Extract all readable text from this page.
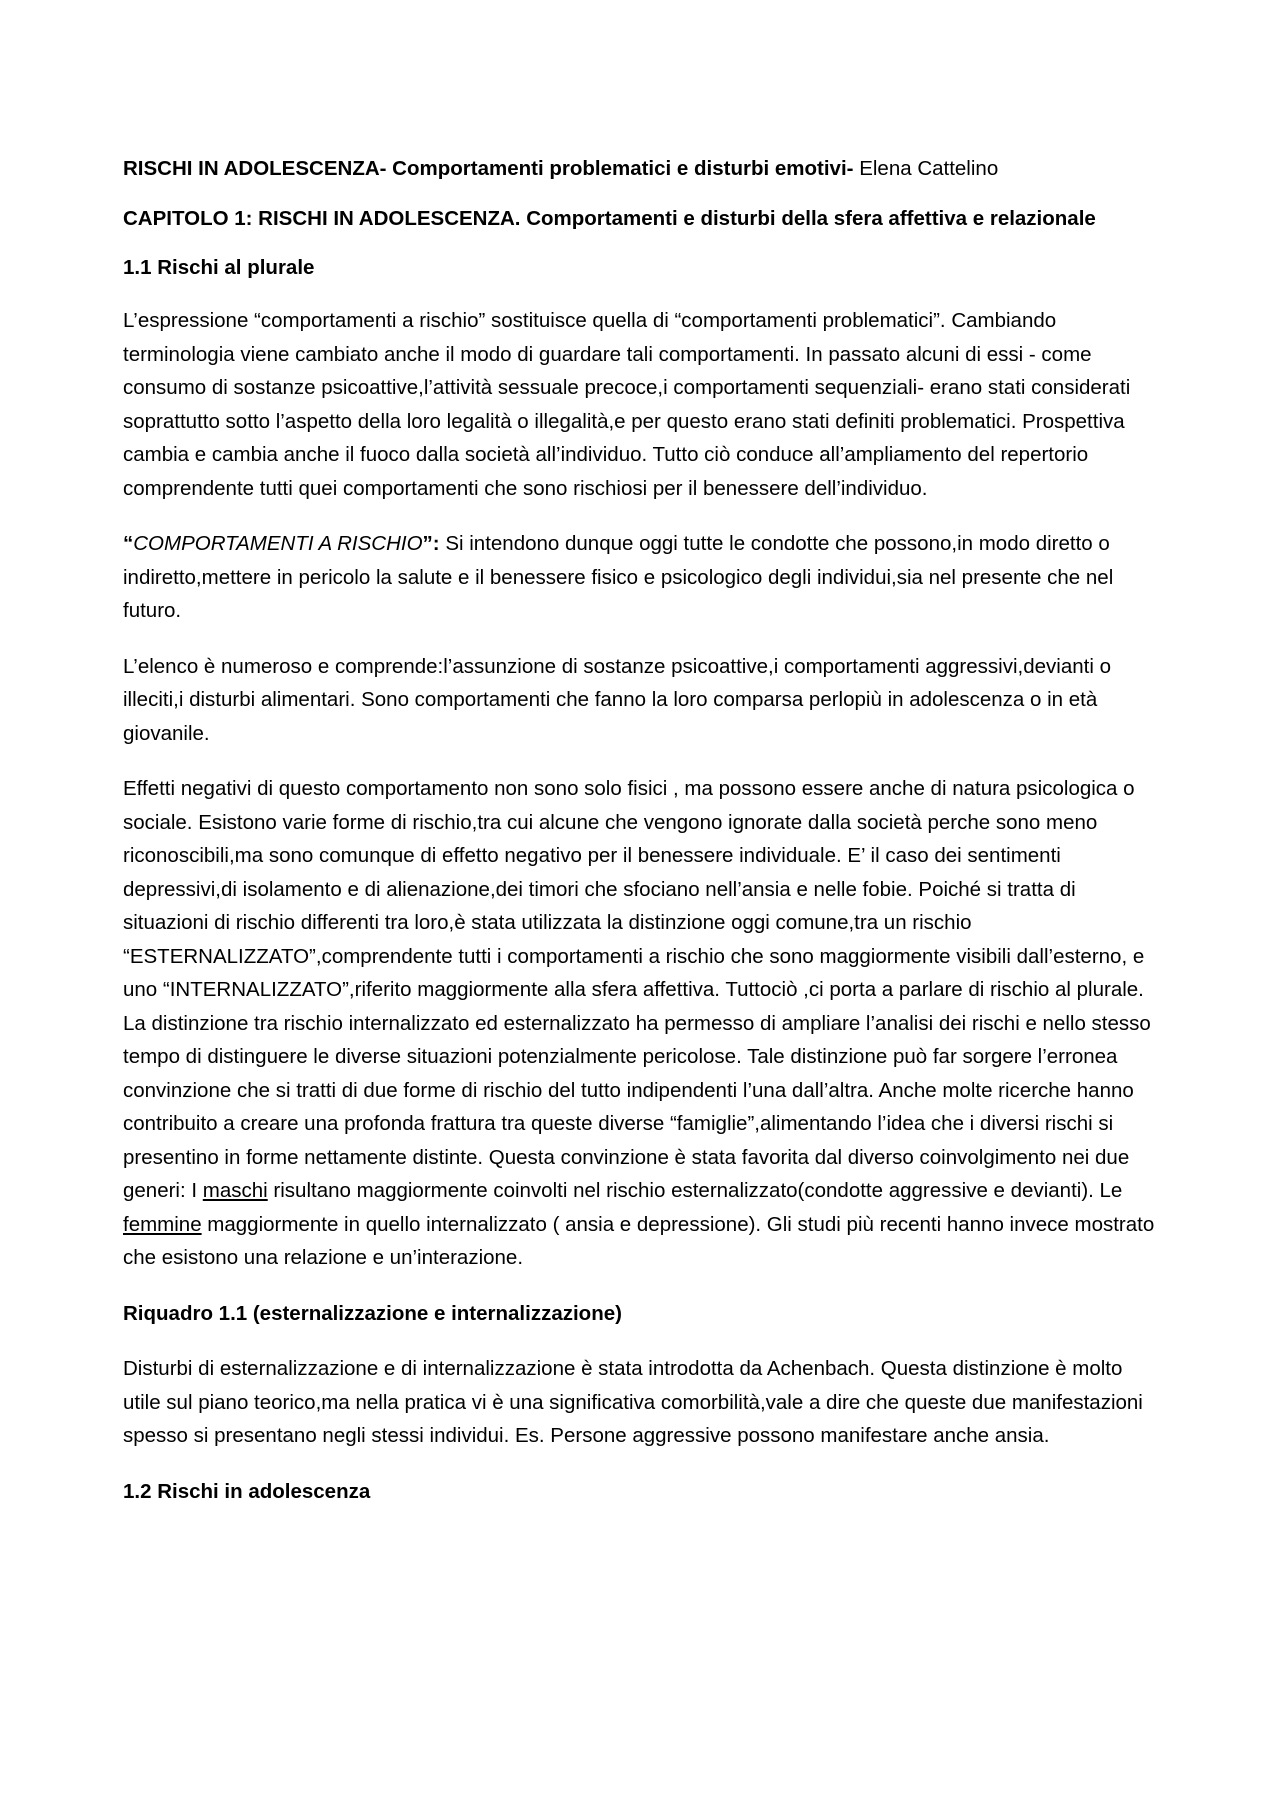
RISCHI IN ADOLESCENZA- Comportamenti problematici e disturbi emotivi- Elena Cattelino

CAPITOLO 1: RISCHI IN ADOLESCENZA. Comportamenti e disturbi della sfera affettiva e relazionale

1.1 Rischi al plurale

L’espressione “comportamenti a rischio” sostituisce quella di “comportamenti problematici”. Cambiando terminologia viene cambiato anche il modo di guardare tali comportamenti. In passato alcuni di essi - come consumo di sostanze psicoattive,l’attività sessuale precoce,i comportamenti sequenziali- erano stati considerati soprattutto sotto l’aspetto della loro legalità o illegalità,e per questo erano stati definiti problematici. Prospettiva cambia e cambia anche il fuoco dalla società all’individuo. Tutto ciò conduce all’ampliamento del repertorio comprendente tutti quei comportamenti che sono rischiosi per il benessere dell’individuo.

“COMPORTAMENTI A RISCHIO”: Si intendono dunque oggi tutte le condotte che possono,in modo diretto o indiretto,mettere in pericolo la salute e il benessere fisico e psicologico degli individui,sia nel presente che nel futuro.

L’elenco è numeroso e comprende:l’assunzione di sostanze psicoattive,i comportamenti aggressivi,devianti o illeciti,i disturbi alimentari. Sono comportamenti che fanno la loro comparsa perlopiù in adolescenza o in età giovanile.

Effetti negativi di questo comportamento non sono solo fisici , ma possono essere anche di natura psicologica o sociale. Esistono varie forme di rischio,tra cui alcune che vengono ignorate dalla società perche sono meno riconoscibili,ma sono comunque di effetto negativo per il benessere individuale. E’ il caso dei sentimenti depressivi,di isolamento e di alienazione,dei timori che sfociano nell’ansia e nelle fobie. Poiché si tratta di situazioni di rischio differenti tra loro,è stata utilizzata la distinzione oggi comune,tra un rischio “ESTERNALIZZATO”,comprendente tutti i comportamenti a rischio che sono maggiormente visibili dall’esterno, e uno “INTERNALIZZATO”,riferito maggiormente alla sfera affettiva. Tuttociò ,ci porta a parlare di rischio al plurale. La distinzione tra rischio internalizzato ed esternalizzato ha permesso di ampliare l’analisi dei rischi e nello stesso tempo di distinguere le diverse situazioni potenzialmente pericolose. Tale distinzione può far sorgere l’erronea convinzione che si tratti di due forme di rischio del tutto indipendenti l’una dall’altra. Anche molte ricerche hanno contribuito a creare una profonda frattura tra queste diverse “famiglie”,alimentando l’idea che i diversi rischi si presentino in forme nettamente distinte. Questa convinzione è stata favorita dal diverso coinvolgimento nei due generi: I maschi risultano maggiormente coinvolti nel rischio esternalizzato(condotte aggressive e devianti). Le femmine maggiormente in quello internalizzato ( ansia e depressione). Gli studi più recenti hanno invece mostrato che esistono una relazione e un’interazione.

Riquadro 1.1 (esternalizzazione e internalizzazione)

Disturbi di esternalizzazione e di internalizzazione è stata introdotta da Achenbach. Questa distinzione è molto utile sul piano teorico,ma nella pratica vi è una significativa comorbilità,vale a dire che queste due manifestazioni spesso si presentano negli stessi individui. Es. Persone aggressive possono manifestare anche ansia.

1.2 Rischi in adolescenza
